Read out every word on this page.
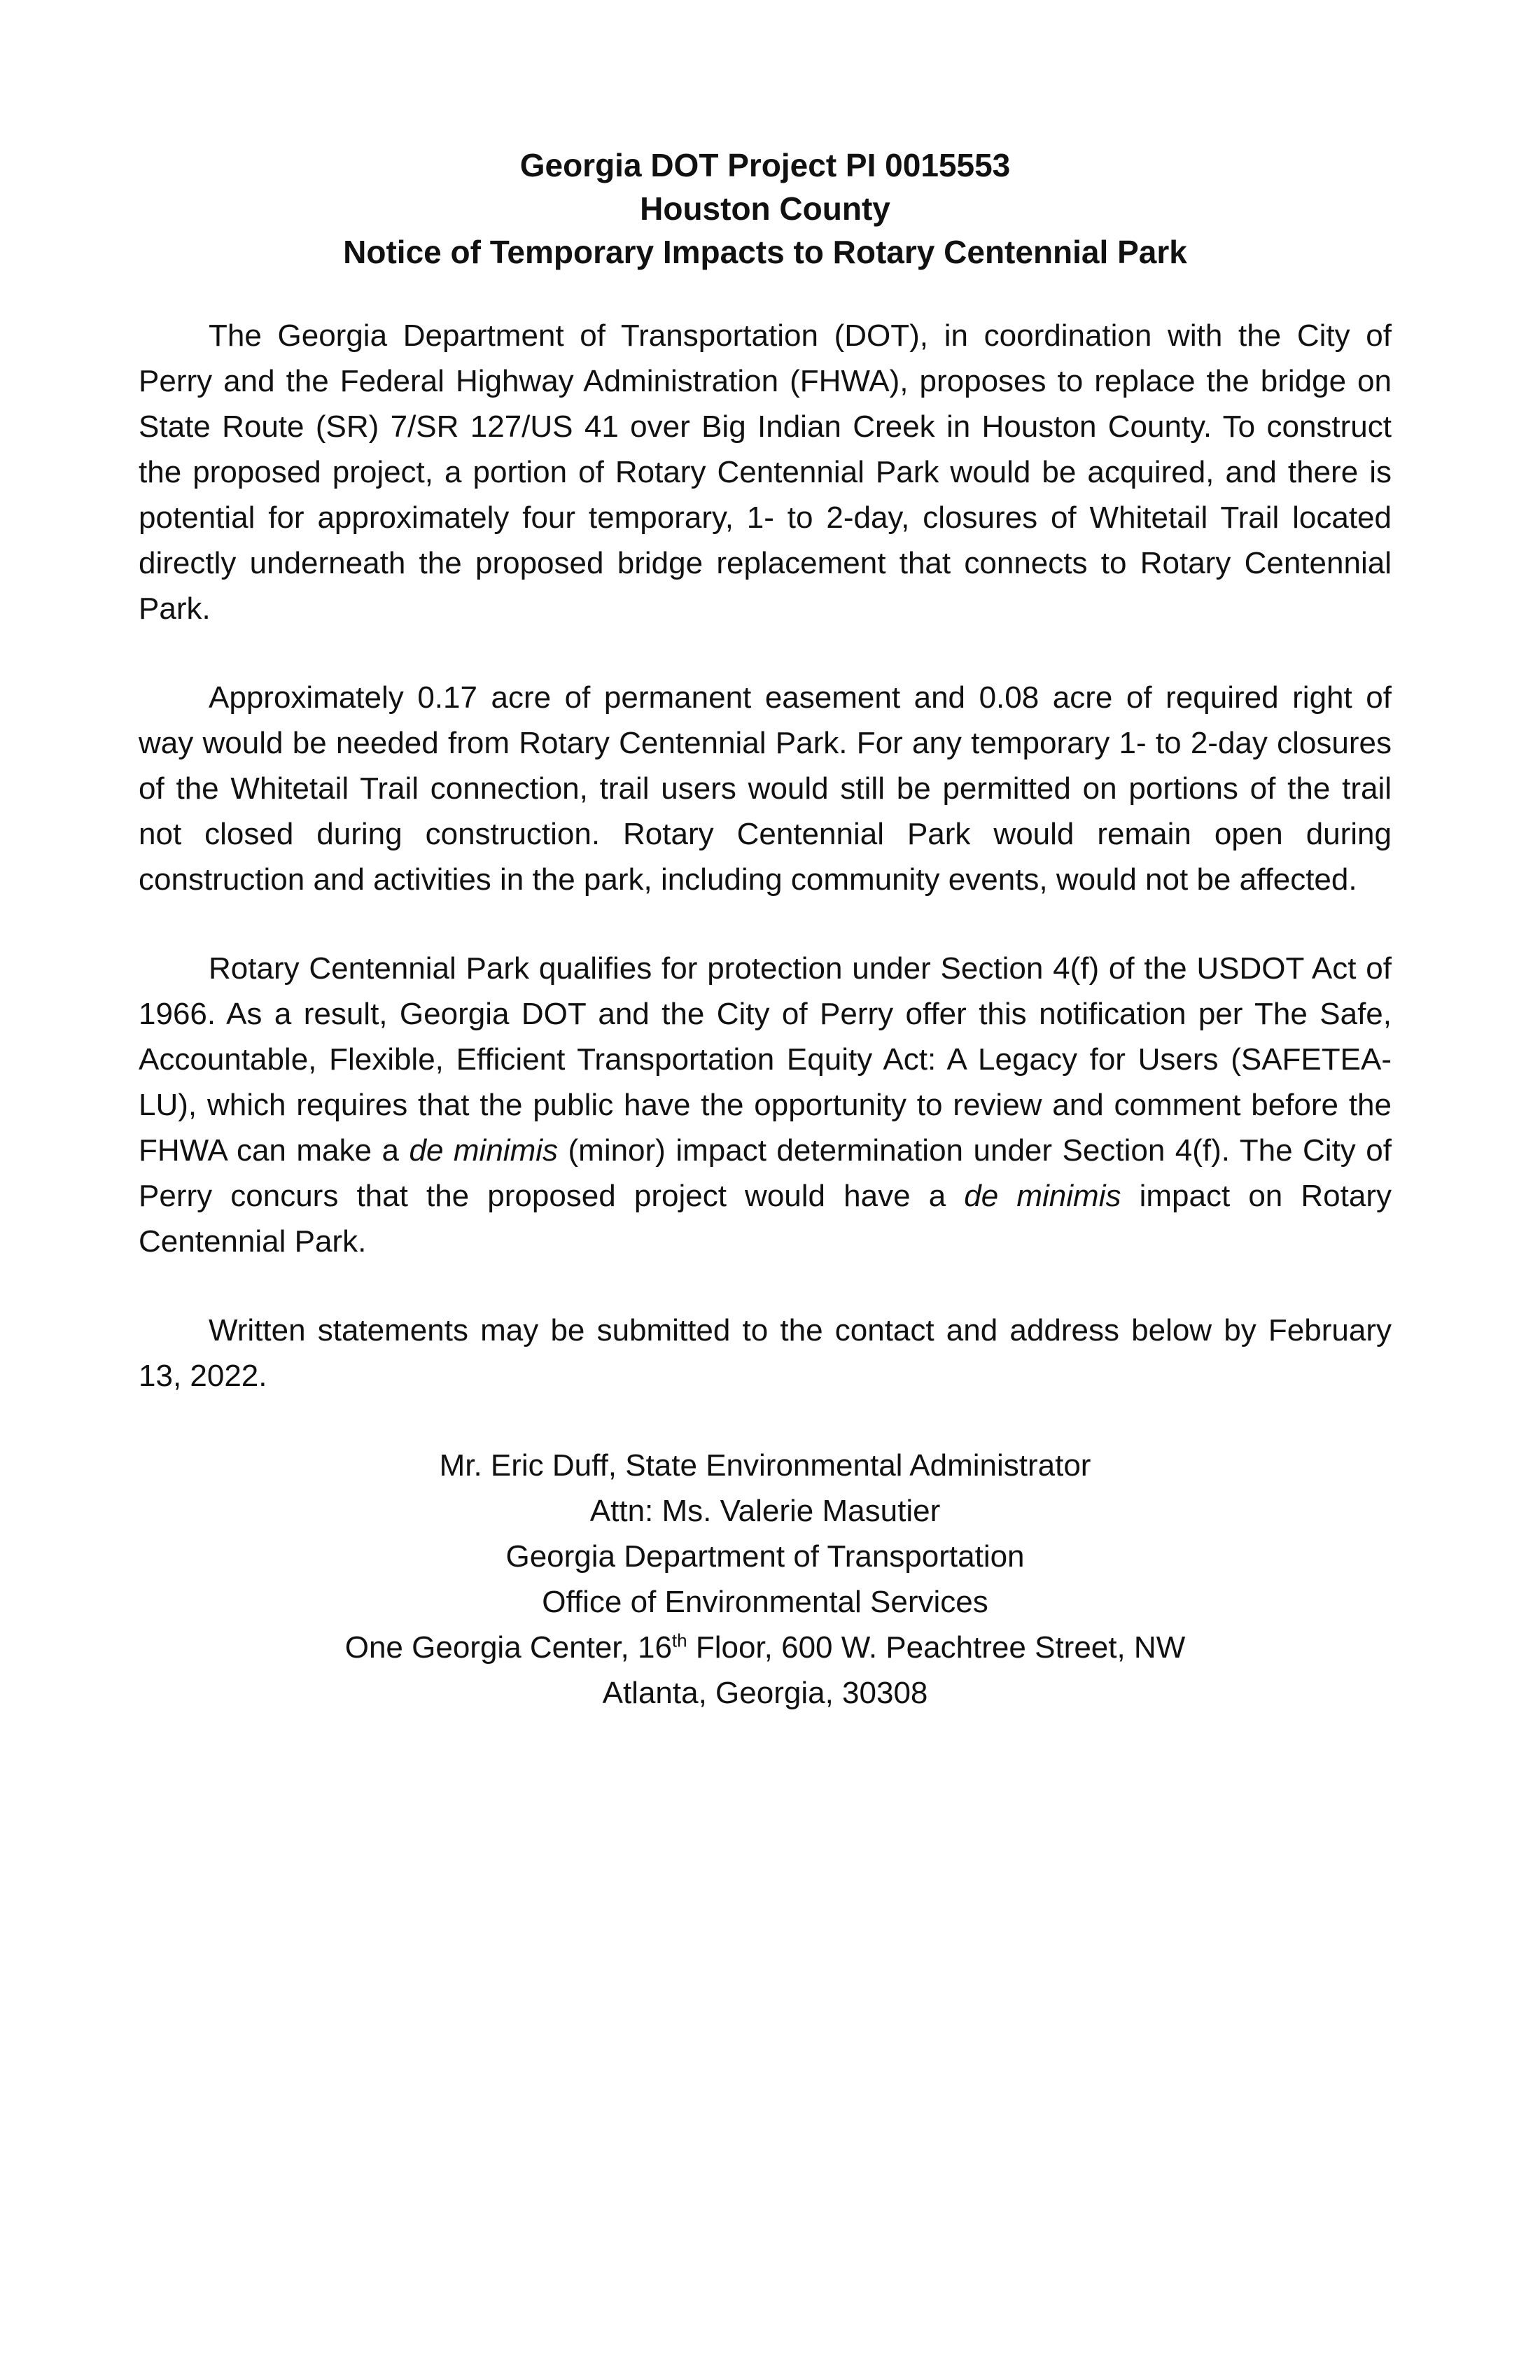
Georgia DOT Project PI 0015553
Houston County
Notice of Temporary Impacts to Rotary Centennial Park

The Georgia Department of Transportation (DOT), in coordination with the City of Perry and the Federal Highway Administration (FHWA), proposes to replace the bridge on State Route (SR) 7/SR 127/US 41 over Big Indian Creek in Houston County. To construct the proposed project, a portion of Rotary Centennial Park would be acquired, and there is potential for approximately four temporary, 1- to 2-day, closures of Whitetail Trail located directly underneath the proposed bridge replacement that connects to Rotary Centennial Park.

Approximately 0.17 acre of permanent easement and 0.08 acre of required right of way would be needed from Rotary Centennial Park. For any temporary 1- to 2-day closures of the Whitetail Trail connection, trail users would still be permitted on portions of the trail not closed during construction. Rotary Centennial Park would remain open during construction and activities in the park, including community events, would not be affected.

Rotary Centennial Park qualifies for protection under Section 4(f) of the USDOT Act of 1966. As a result, Georgia DOT and the City of Perry offer this notification per The Safe, Accountable, Flexible, Efficient Transportation Equity Act: A Legacy for Users (SAFETEA-LU), which requires that the public have the opportunity to review and comment before the FHWA can make a de minimis (minor) impact determination under Section 4(f). The City of Perry concurs that the proposed project would have a de minimis impact on Rotary Centennial Park.

Written statements may be submitted to the contact and address below by February 13, 2022.

Mr. Eric Duff, State Environmental Administrator
Attn: Ms. Valerie Masutier
Georgia Department of Transportation
Office of Environmental Services
One Georgia Center, 16th Floor, 600 W. Peachtree Street, NW
Atlanta, Georgia, 30308
